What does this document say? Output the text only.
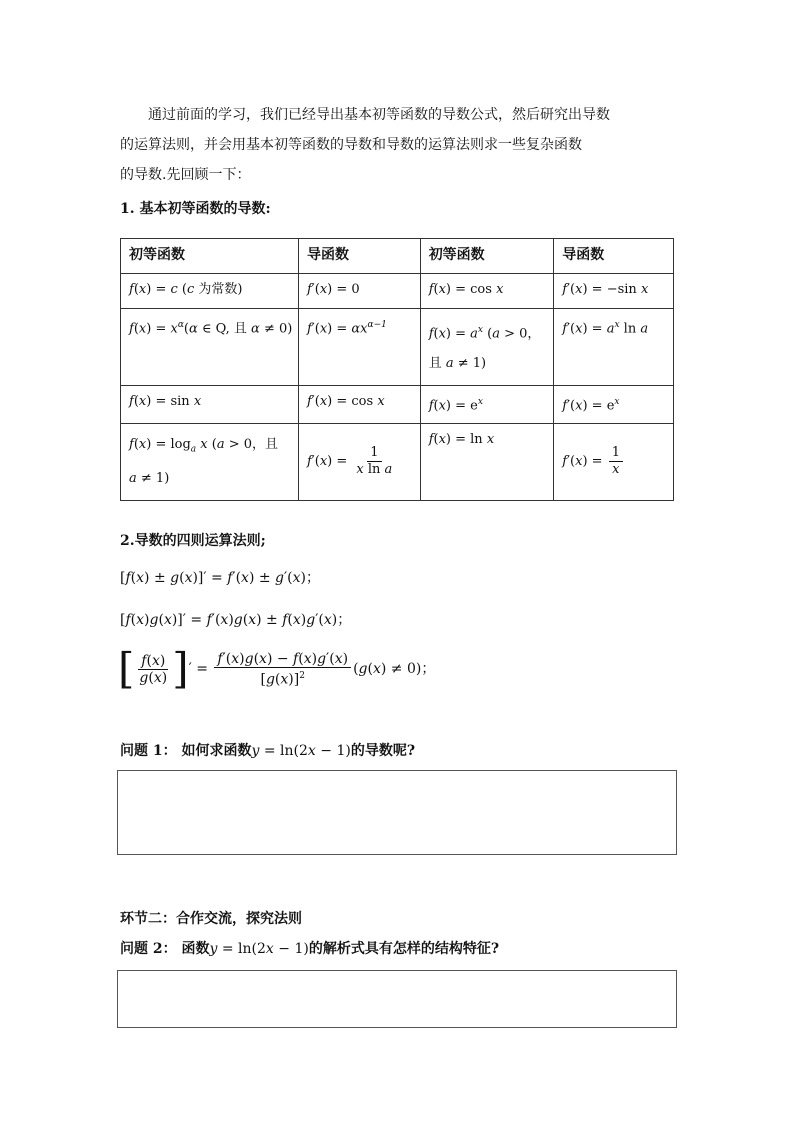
通过前面的学习，我们已经导出基本初等函数的导数公式，然后研究出导数
的运算法则，并会用基本初等函数的导数和导数的运算法则求一些复杂函数
的导数.先回顾一下：
1. 基本初等函数的导数:
初等函数	导函数	初等函数	导函数
f(x) = c (c 为常数)	f′(x) = 0	f(x) = cos x	f′(x) = −sin x
$f(x) = x^\alpha(\alpha$ ∈ Q, 且 α ≠ 0)	$f'(x) = \alpha x^{\alpha-1}$	$f(x) = a^x$ (a > 0，
且 a ≠ 1)	$f'(x) = a^x$ ln a
f(x) = sin x	f′(x) = cos x	$f(x) = e^x$	$f'(x) = e^x$
$f(x) = \log_a x$ (a > 0，且
a ≠ 1)	$f'(x) = \frac{1}{\text{x ln a}}$	f(x) = ln x	$f'(x) = \frac{1}{x}$
2.导数的四则运算法则;
[f(x) ± g(x)]′ = f′(x) ± g′(x)；
[f(x)g(x)]′ = f′(x)g(x) ± f(x)g′(x)；
[ $\frac{f(x)}{g(x)}$ ] ′ = $\frac{f'(x)g(x) - f(x)g'(x)}{[g(x)]^2} (g(x) \ne 0)$；
问题 1： 如何求函数y = ln(2x − 1)的导数呢?
环节二：合作交流，探究法则
问题 2： 函数y = ln(2x − 1)的解析式具有怎样的结构特征?
